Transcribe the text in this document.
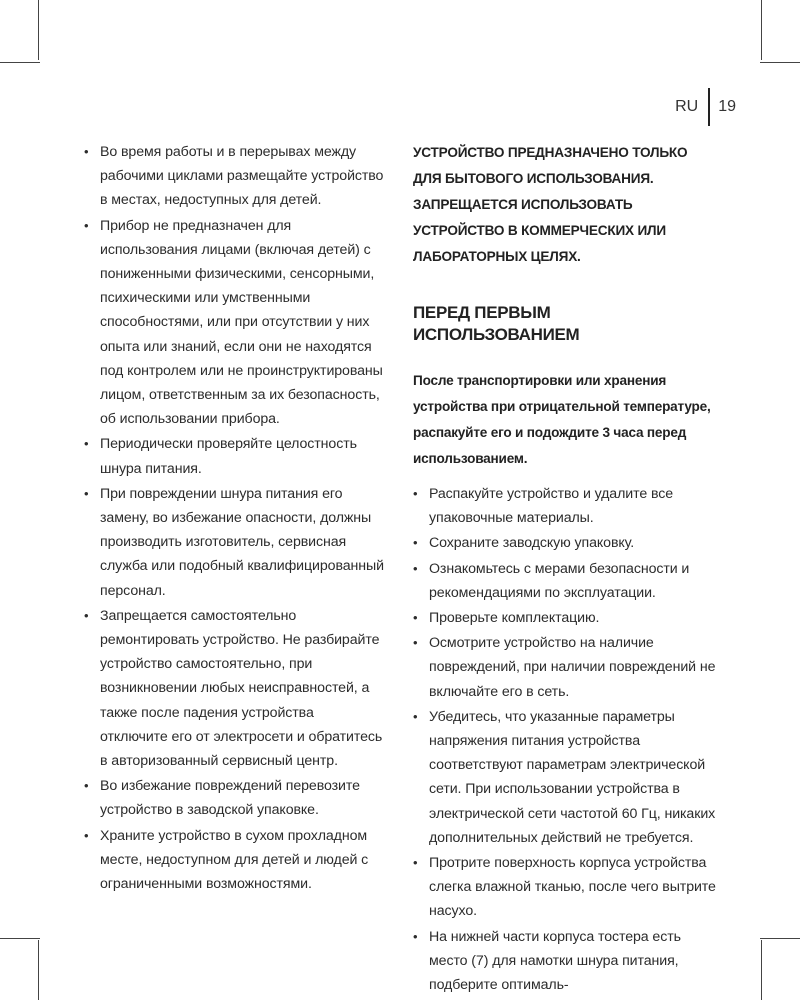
RU	19
• Во время работы и в перерывах между рабочими циклами размещайте устройство в местах, недоступных для детей.
• Прибор не предназначен для использования лицами (включая детей) с пониженными физическими, сенсорными, психическими или умственными способностями, или при отсутствии у них опыта или знаний, если они не находятся под контролем или не проинструктированы лицом, ответственным за их безопасность, об использовании прибора.
• Периодически проверяйте целостность шнура питания.
• При повреждении шнура питания его замену, во избежание опасности, должны производить изготовитель, сервисная служба или подобный квалифицированный персонал.
• Запрещается самостоятельно ремонтировать устройство. Не разбирайте устройство самостоятельно, при возникновении любых неисправностей, а также после падения устройства отключите его от электросети и обратитесь в авторизованный сервисный центр.
• Во избежание повреждений перевозите устройство в заводской упаковке.
• Храните устройство в сухом прохладном месте, недоступном для детей и людей с ограниченными возможностями.

УСТРОЙСТВО ПРЕДНАЗНАЧЕНО ТОЛЬКО ДЛЯ БЫТОВОГО ИСПОЛЬЗОВАНИЯ. ЗАПРЕЩАЕТСЯ ИСПОЛЬЗОВАТЬ УСТРОЙСТВО В КОММЕРЧЕСКИХ ИЛИ ЛАБОРАТОРНЫХ ЦЕЛЯХ.

ПЕРЕД ПЕРВЫМ ИСПОЛЬЗОВАНИЕМ

После транспортировки или хранения устройства при отрицательной температуре, распакуйте его и подождите 3 часа перед использованием.

• Распакуйте устройство и удалите все упаковочные материалы.
• Сохраните заводскую упаковку.
• Ознакомьтесь с мерами безопасности и рекомендациями по эксплуатации.
• Проверьте комплектацию.
• Осмотрите устройство на наличие повреждений, при наличии повреждений не включайте его в сеть.
• Убедитесь, что указанные параметры напряжения питания устройства соответствуют параметрам электрической сети. При использовании устройства в электрической сети частотой 60 Гц, никаких дополнительных действий не требуется.
• Протрите поверхность корпуса устройства слегка влажной тканью, после чего вытрите насухо.
• На нижней части корпуса тостера есть место (7) для намотки шнура питания, подберите оптималь-
